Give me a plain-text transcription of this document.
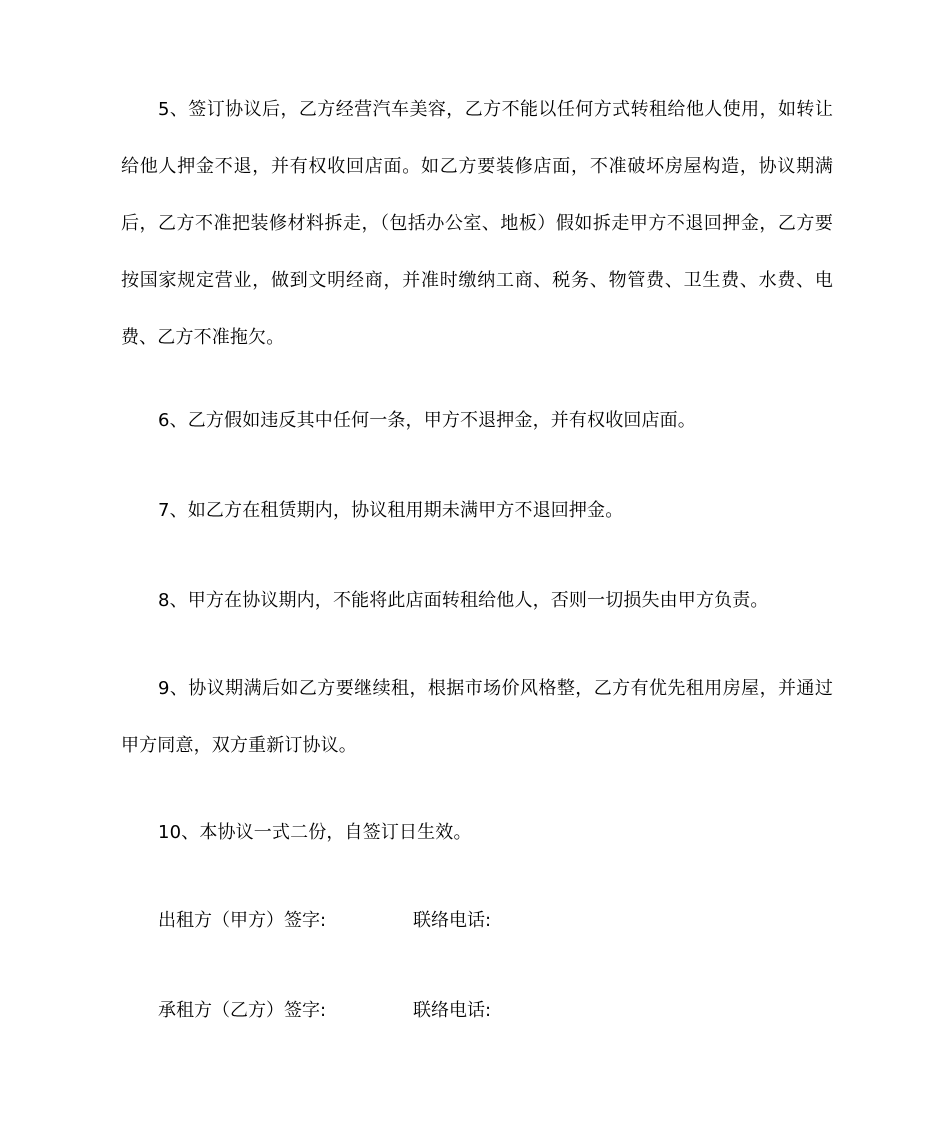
5、签订协议后，乙方经营汽车美容，乙方不能以任何方式转租给他人使用，如转让给他人押金不退，并有权收回店面。如乙方要装修店面，不准破坏房屋构造，协议期满后，乙方不准把装修材料拆走，（包括办公室、地板）假如拆走甲方不退回押金，乙方要按国家规定营业，做到文明经商，并准时缴纳工商、税务、物管费、卫生费、水费、电费、乙方不准拖欠。

6、乙方假如违反其中任何一条，甲方不退押金，并有权收回店面。

7、如乙方在租赁期内，协议租用期未满甲方不退回押金。

8、甲方在协议期内，不能将此店面转租给他人，否则一切损失由甲方负责。

9、协议期满后如乙方要继续租，根据市场价风格整，乙方有优先租用房屋，并通过甲方同意，双方重新订协议。

10、本协议一式二份，自签订日生效。

出租方（甲方）签字:	联络电话:
承租方（乙方）签字:	联络电话:
